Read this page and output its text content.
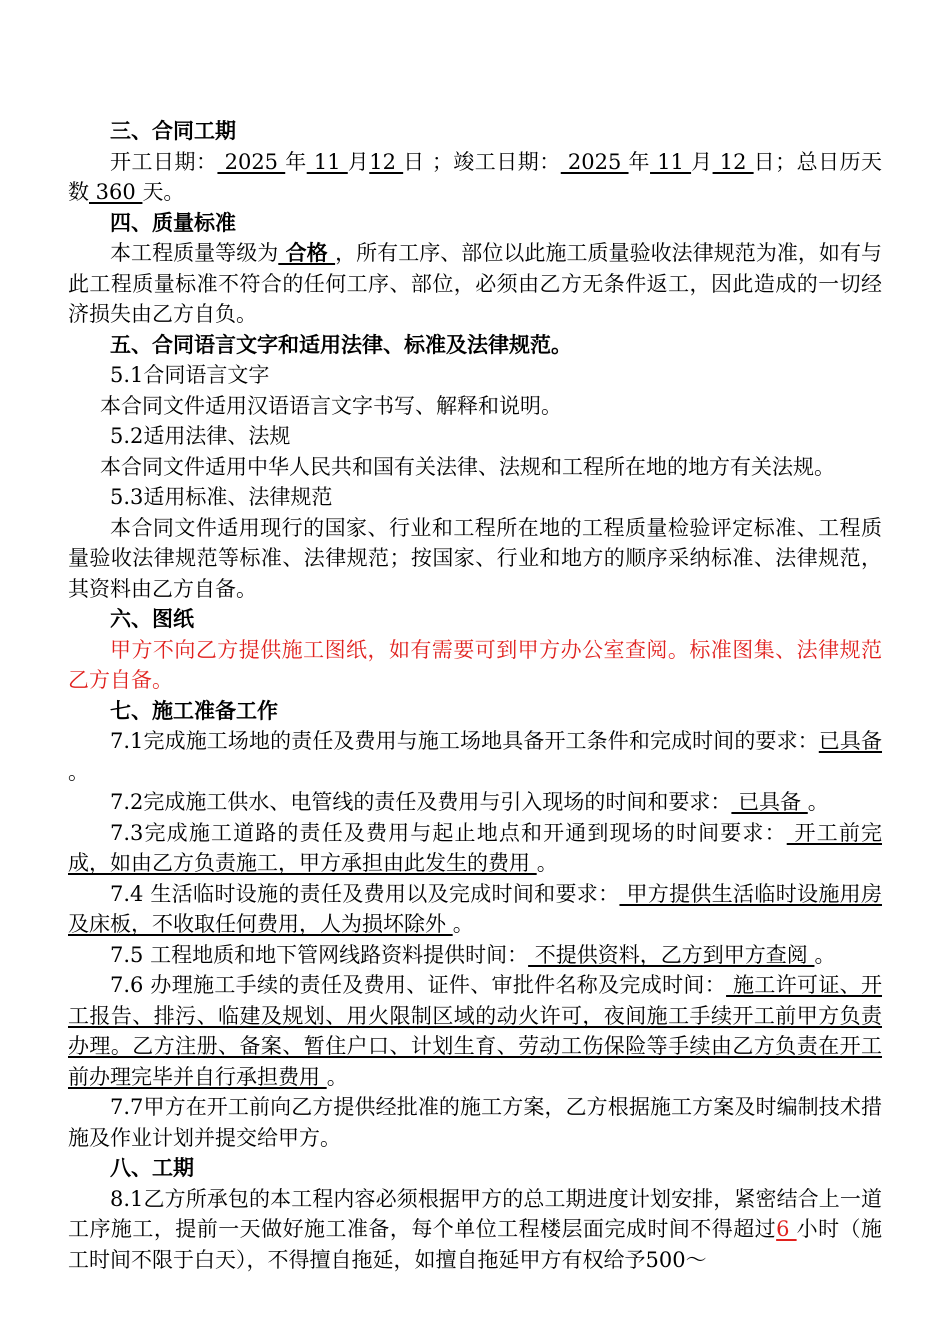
三、合同工期

开工日期： 2025 年 11 月12 日 ；竣工日期： 2025 年 11 月 12 日；总日历天数 360 天。

四、质量标准

本工程质量等级为 合格 ，所有工序、部位以此施工质量验收法律规范为准，如有与此工程质量标准不符合的任何工序、部位，必须由乙方无条件返工，因此造成的一切经济损失由乙方自负。

五、合同语言文字和适用法律、标准及法律规范。

5.1合同语言文字

本合同文件适用汉语语言文字书写、解释和说明。

5.2适用法律、法规

本合同文件适用中华人民共和国有关法律、法规和工程所在地的地方有关法规。

5.3适用标准、法律规范

本合同文件适用现行的国家、行业和工程所在地的工程质量检验评定标准、工程质量验收法律规范等标准、法律规范；按国家、行业和地方的顺序采纳标准、法律规范，其资料由乙方自备。

六、图纸

甲方不向乙方提供施工图纸，如有需要可到甲方办公室查阅。标准图集、法律规范乙方自备。

七、施工准备工作

7.1完成施工场地的责任及费用与施工场地具备开工条件和完成时间的要求：已具备 。

7.2完成施工供水、电管线的责任及费用与引入现场的时间和要求： 已具备 。

7.3完成施工道路的责任及费用与起止地点和开通到现场的时间要求： 开工前完成，如由乙方负责施工，甲方承担由此发生的费用 。

7.4 生活临时设施的责任及费用以及完成时间和要求： 甲方提供生活临时设施用房及床板，不收取任何费用，人为损坏除外 。

7.5 工程地质和地下管网线路资料提供时间： 不提供资料，乙方到甲方查阅 。

7.6 办理施工手续的责任及费用、证件、审批件名称及完成时间： 施工许可证、开工报告、排污、临建及规划、用火限制区域的动火许可，夜间施工手续开工前甲方负责办理。乙方注册、备案、暂住户口、计划生育、劳动工伤保险等手续由乙方负责在开工前办理完毕并自行承担费用 。

7.7甲方在开工前向乙方提供经批准的施工方案，乙方根据施工方案及时编制技术措施及作业计划并提交给甲方。

八、工期

8.1乙方所承包的本工程内容必须根据甲方的总工期进度计划安排，紧密结合上一道工序施工，提前一天做好施工准备，每个单位工程楼层面完成时间不得超过6 小时（施工时间不限于白天），不得擅自拖延，如擅自拖延甲方有权给予500～
